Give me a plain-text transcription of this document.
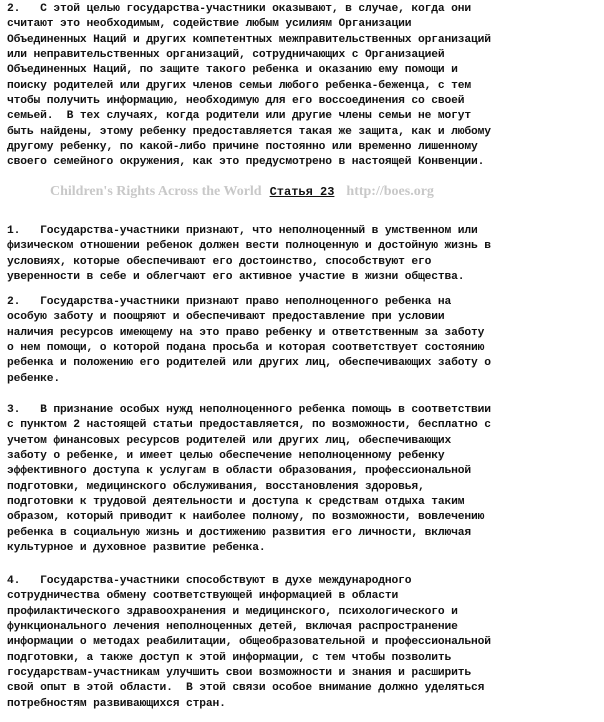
2.   С этой целью государства-участники оказывают, в случае, когда они
считают это необходимым, содействие любым усилиям Организации
Объединенных Наций и других компетентных межправительственных организаций
или неправительственных организаций, сотрудничающих с Организацией
Объединенных Наций, по защите такого ребенка и оказанию ему помощи и
поиску родителей или других членов семьи любого ребенка-беженца, с тем
чтобы получить информацию, необходимую для его воссоединения со своей
семьей.  В тех случаях, когда родители или другие члены семьи не могут
быть найдены, этому ребенку предоставляется такая же защита, как и любому
другому ребенку, по какой-либо причине постоянно или временно лишенному
своего семейного окружения, как это предусмотрено в настоящей Конвенции.

Children's Rights Across the World Статья 23 http://boes.org

1.   Государства-участники признают, что неполноценный в умственном или
физическом отношении ребенок должен вести полноценную и достойную жизнь в
условиях, которые обеспечивают его достоинство, способствуют его
уверенности в себе и облегчают его активное участие в жизни общества.

2.   Государства-участники признают право неполноценного ребенка на
особую заботу и поощряют и обеспечивают предоставление при условии
наличия ресурсов имеющему на это право ребенку и ответственным за заботу
о нем помощи, о которой подана просьба и которая соответствует состоянию
ребенка и положению его родителей или других лиц, обеспечивающих заботу о
ребенке.

3.   В признание особых нужд неполноценного ребенка помощь в соответствии
с пунктом 2 настоящей статьи предоставляется, по возможности, бесплатно с
учетом финансовых ресурсов родителей или других лиц, обеспечивающих
заботу о ребенке, и имеет целью обеспечение неполноценному ребенку
эффективного доступа к услугам в области образования, профессиональной
подготовки, медицинского обслуживания, восстановления здоровья,
подготовки к трудовой деятельности и доступа к средствам отдыха таким
образом, который приводит к наиболее полному, по возможности, вовлечению
ребенка в социальную жизнь и достижению развития его личности, включая
культурное и духовное развитие ребенка.

4.   Государства-участники способствуют в духе международного
сотрудничества обмену соответствующей информацией в области
профилактического здравоохранения и медицинского, психологического и
функционального лечения неполноценных детей, включая распространение
информации о методах реабилитации, общеобразовательной и профессиональной
подготовки, а также доступ к этой информации, с тем чтобы позволить
государствам-участникам улучшить свои возможности и знания и расширить
свой опыт в этой области.  В этой связи особое внимание должно уделяться
потребностям развивающихся стран.
